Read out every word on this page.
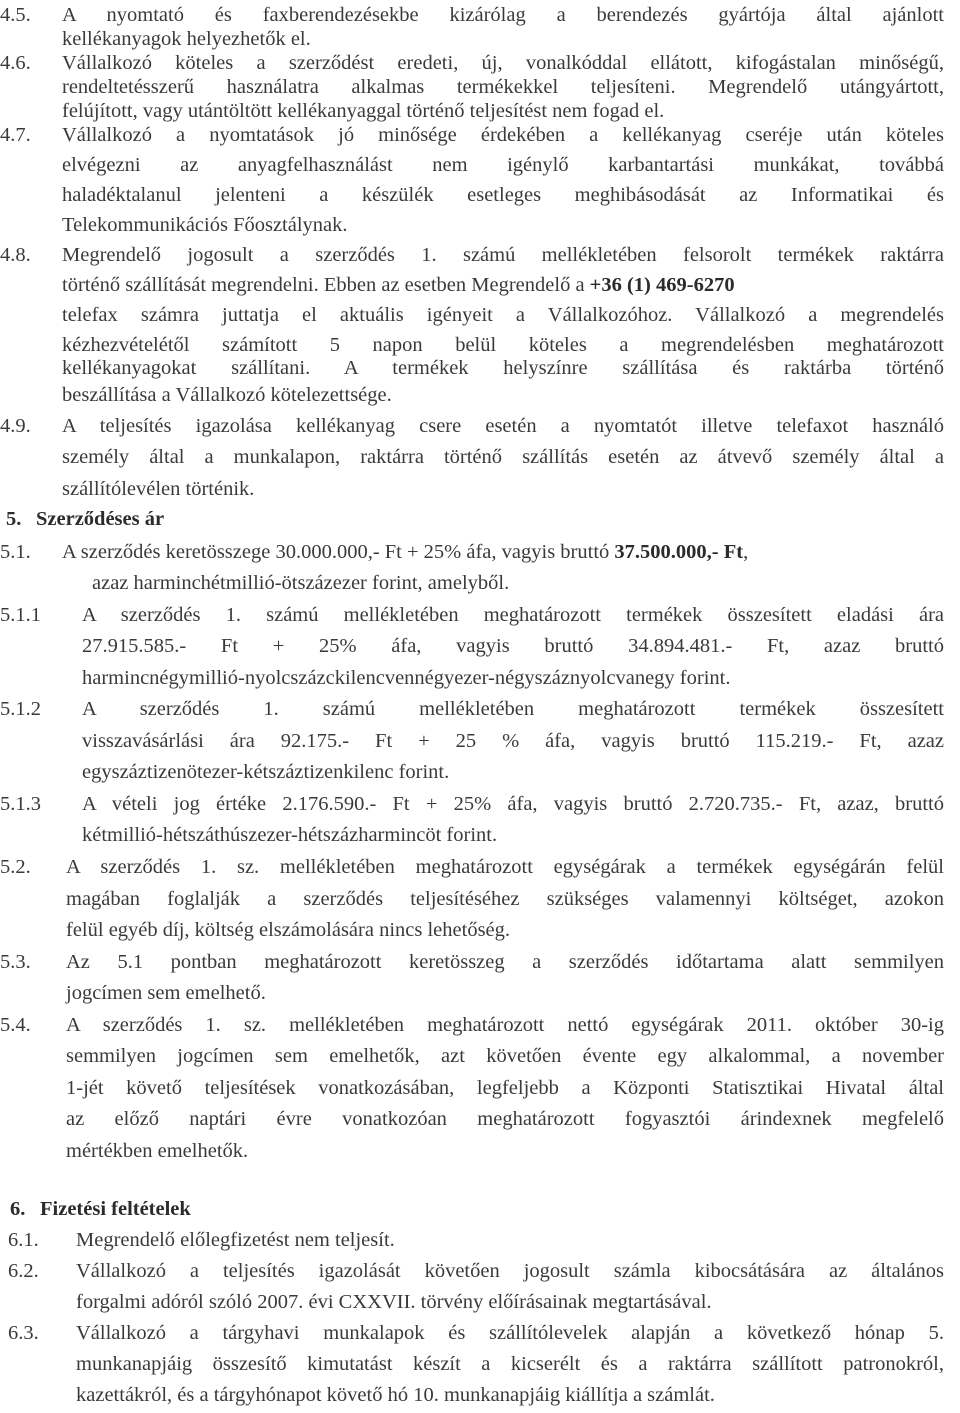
4.5. A nyomtató és faxberendezésekbe kizárólag a berendezés gyártója által ajánlott
kellékanyagok helyezhetők el.
4.6. Vállalkozó köteles a szerződést eredeti, új, vonalkóddal ellátott, kifogástalan minőségű,
rendeltetésszerű használatra alkalmas termékekkel teljesíteni. Megrendelő utángyártott,
felújított, vagy utántöltött kellékanyaggal történő teljesítést nem fogad el.
4.7. Vállalkozó a nyomtatások jó minősége érdekében a kellékanyag cseréje után köteles
elvégezni az anyagfelhasználást nem igénylő karbantartási munkákat, továbbá
haladéktalanul jelenteni a készülék esetleges meghibásodását az Informatikai és
Telekommunikációs Főosztálynak.
4.8. Megrendelő jogosult a szerződés 1. számú mellékletében felsorolt termékek raktárra
történő szállítását megrendelni. Ebben az esetben Megrendelő a +36 (1) 469-6270
telefax számra juttatja el aktuális igényeit a Vállalkozóhoz. Vállalkozó a megrendelés
kézhezvételétől számított 5 napon belül köteles a megrendelésben meghatározott
kellékanyagokat szállítani. A termékek helyszínre szállítása és raktárba történő
beszállítása a Vállalkozó kötelezettsége.
4.9. A teljesítés igazolása kellékanyag csere esetén a nyomtatót illetve telefaxot használó
személy által a munkalapon, raktárra történő szállítás esetén az átvevő személy által a
szállítólevélen történik.
5. Szerződéses ár
5.1. A szerződés keretösszege 30.000.000,- Ft + 25% áfa, vagyis bruttó 37.500.000,- Ft,
azaz harminchétmillió-ötszázezer forint, amelyből.
5.1.1 A szerződés 1. számú mellékletében meghatározott termékek összesített eladási ára
27.915.585.- Ft + 25% áfa, vagyis bruttó 34.894.481.- Ft, azaz bruttó
harmincnégymillió-nyolcszázckilencvennégyezer-négyszáznyolcvanegy forint.
5.1.2 A szerződés 1. számú mellékletében meghatározott termékek összesített
visszavásárlási ára 92.175.- Ft + 25 % áfa, vagyis bruttó 115.219.- Ft, azaz
egyszáztizenötezer-kétszáztizenkilenc forint.
5.1.3 A vételi jog értéke 2.176.590.- Ft + 25% áfa, vagyis bruttó 2.720.735.- Ft, azaz, bruttó
kétmillió-hétszáthúszezer-hétszázharmincöt forint.
5.2. A szerződés 1. sz. mellékletében meghatározott egységárak a termékek egységárán felül
magában foglalják a szerződés teljesítéséhez szükséges valamennyi költséget, azokon
felül egyéb díj, költség elszámolására nincs lehetőség.
5.3. Az 5.1 pontban meghatározott keretösszeg a szerződés időtartama alatt semmilyen
jogcímen sem emelhető.
5.4. A szerződés 1. sz. mellékletében meghatározott nettó egységárak 2011. október 30-ig
semmilyen jogcímen sem emelhetők, azt követően évente egy alkalommal, a november
1-jét követő teljesítések vonatkozásában, legfeljebb a Központi Statisztikai Hivatal által
az előző naptári évre vonatkozóan meghatározott fogyasztói árindexnek megfelelő
mértékben emelhetők.
6. Fizetési feltételek
6.1. Megrendelő előlegfizetést nem teljesít.
6.2. Vállalkozó a teljesítés igazolását követően jogosult számla kibocsátására az általános
forgalmi adóról szóló 2007. évi CXXVII. törvény előírásainak megtartásával.
6.3. Vállalkozó a tárgyhavi munkalapok és szállítólevelek alapján a következő hónap 5.
munkanapjáig összesítő kimutatást készít a kicserélt és a raktárra szállított patronokról,
kazettákról, és a tárgyhónapot követő hó 10. munkanapjáig kiállítja a számlát.
